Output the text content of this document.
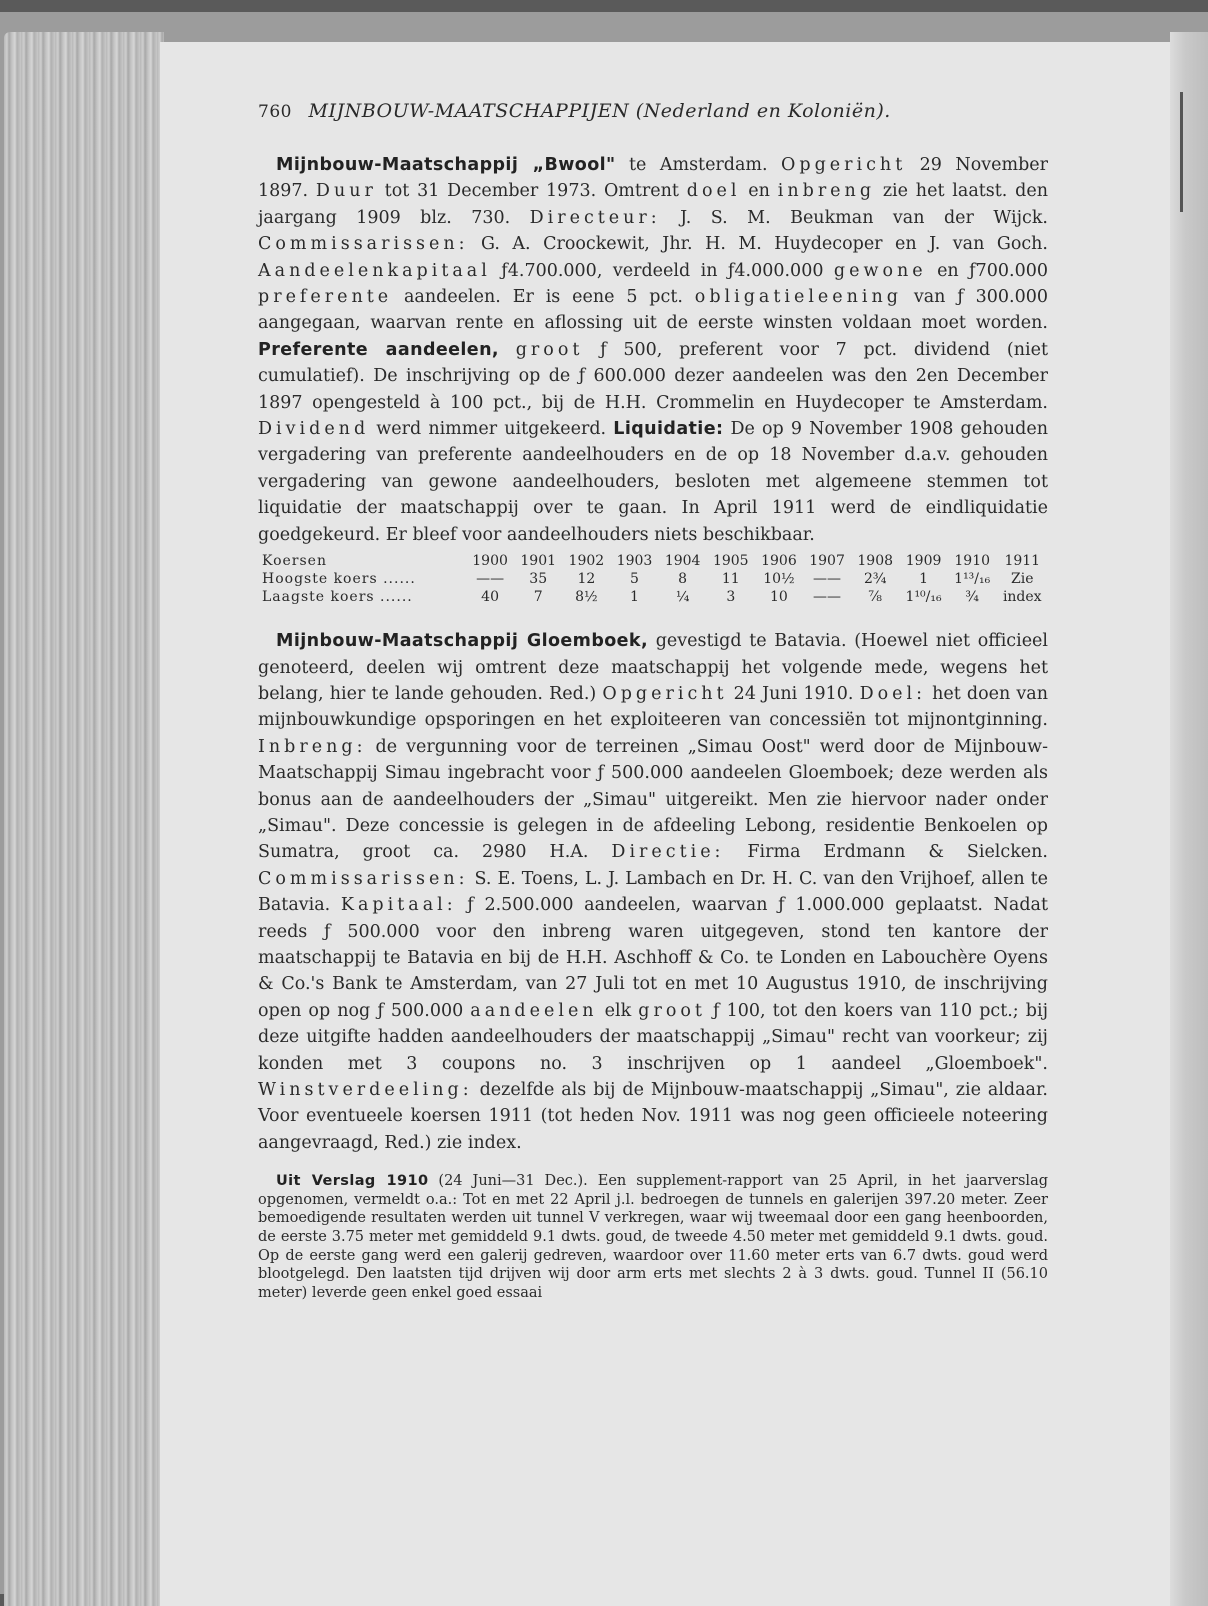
760 MIJNBOUW-MAATSCHAPPIJEN (Nederland en Koloniën).

Mijnbouw-Maatschappij „Bwool" te Amsterdam. Opgericht 29 November 1897. Duur tot 31 December 1973. Omtrent doel en inbreng zie het laatst. den jaargang 1909 blz. 730. Directeur: J. S. M. Beukman van der Wijck. Commissarissen: G. A. Croockewit, Jhr. H. M. Huydecoper en J. van Goch. Aandeelenkapitaal ƒ4.700.000, verdeeld in ƒ4.000.000 gewone en ƒ700.000 preferente aandeelen. Er is eene 5 pct. obligatieleening van ƒ 300.000 aangegaan, waarvan rente en aflossing uit de eerste winsten voldaan moet worden. Preferente aandeelen, groot ƒ 500, preferent voor 7 pct. dividend (niet cumulatief). De inschrijving op de ƒ 600.000 dezer aandeelen was den 2en December 1897 opengesteld à 100 pct., bij de H.H. Crommelin en Huydecoper te Amsterdam. Dividend werd nimmer uitgekeerd. Liquidatie: De op 9 November 1908 gehouden vergadering van preferente aandeelhouders en de op 18 November d.a.v. gehouden vergadering van gewone aandeelhouders, besloten met algemeene stemmen tot liquidatie der maatschappij over te gaan. In April 1911 werd de eindliquidatie goedgekeurd. Er bleef voor aandeelhouders niets beschikbaar.

Koersen	1900	1901	1902	1903	1904	1905	1906	1907	1908	1909	1910	1911
Hoogste koers ......	——	35	12	5	8	11	10½	——	2¾	1	1¹³/₁₆	Zie
Laagste koers ......	40	7	8½	1	¼	3	10	——	⅞	1¹⁰/₁₆	¾	index

Mijnbouw-Maatschappij Gloemboek, gevestigd te Batavia. (Hoewel niet officieel genoteerd, deelen wij omtrent deze maatschappij het volgende mede, wegens het belang, hier te lande gehouden. Red.) Opgericht 24 Juni 1910. Doel: het doen van mijnbouwkundige opsporingen en het exploiteeren van concessiën tot mijnontginning. Inbreng: de vergunning voor de terreinen „Simau Oost" werd door de Mijnbouw-Maatschappij Simau ingebracht voor ƒ 500.000 aandeelen Gloemboek; deze werden als bonus aan de aandeelhouders der „Simau" uitgereikt. Men zie hiervoor nader onder „Simau". Deze concessie is gelegen in de afdeeling Lebong, residentie Benkoelen op Sumatra, groot ca. 2980 H.A. Directie: Firma Erdmann & Sielcken. Commissarissen: S. E. Toens, L. J. Lambach en Dr. H. C. van den Vrijhoef, allen te Batavia. Kapitaal: ƒ 2.500.000 aandeelen, waarvan ƒ 1.000.000 geplaatst. Nadat reeds ƒ 500.000 voor den inbreng waren uitgegeven, stond ten kantore der maatschappij te Batavia en bij de H.H. Aschhoff & Co. te Londen en Labouchère Oyens & Co.'s Bank te Amsterdam, van 27 Juli tot en met 10 Augustus 1910, de inschrijving open op nog ƒ 500.000 aandeelen elk groot ƒ 100, tot den koers van 110 pct.; bij deze uitgifte hadden aandeelhouders der maatschappij „Simau" recht van voorkeur; zij konden met 3 coupons no. 3 inschrijven op 1 aandeel „Gloemboek". Winstverdeeling: dezelfde als bij de Mijnbouw-maatschappij „Simau", zie aldaar. Voor eventueele koersen 1911 (tot heden Nov. 1911 was nog geen officieele noteering aangevraagd, Red.) zie index.

Uit Verslag 1910 (24 Juni—31 Dec.). Een supplement-rapport van 25 April, in het jaarverslag opgenomen, vermeldt o.a.: Tot en met 22 April j.l. bedroegen de tunnels en galerijen 397.20 meter. Zeer bemoedigende resultaten werden uit tunnel V verkregen, waar wij tweemaal door een gang heenboorden, de eerste 3.75 meter met gemiddeld 9.1 dwts. goud, de tweede 4.50 meter met gemiddeld 9.1 dwts. goud. Op de eerste gang werd een galerij gedreven, waardoor over 11.60 meter erts van 6.7 dwts. goud werd blootgelegd. Den laatsten tijd drijven wij door arm erts met slechts 2 à 3 dwts. goud. Tunnel II (56.10 meter) leverde geen enkel goed essaai
